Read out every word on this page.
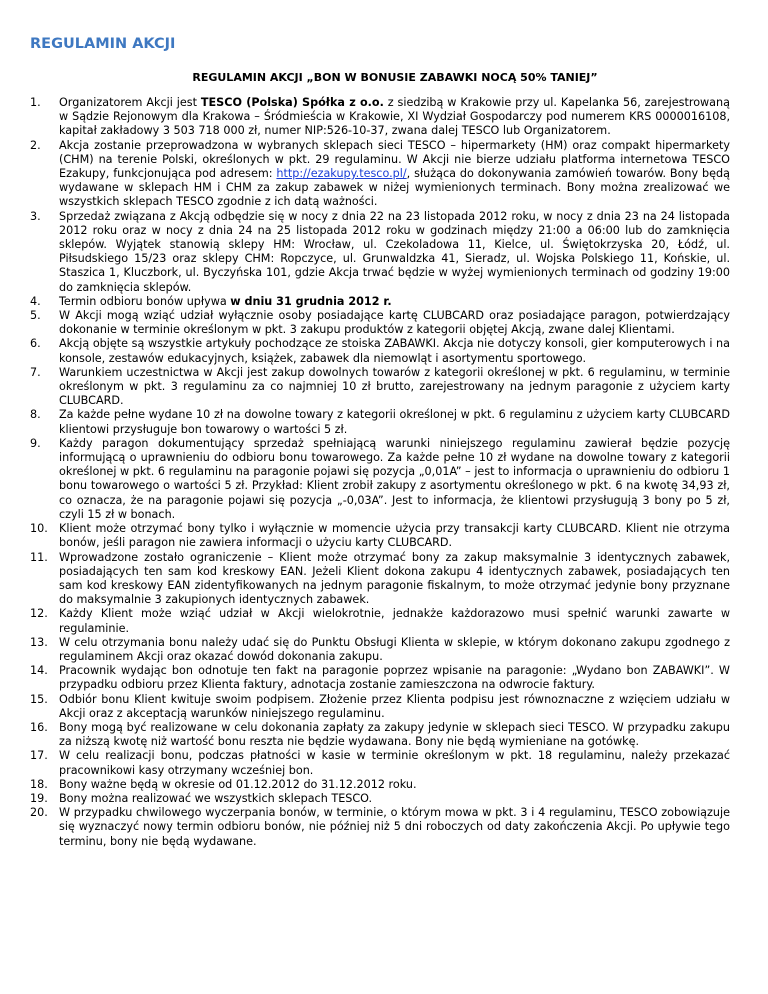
REGULAMIN AKCJI
REGULAMIN AKCJI „BON W BONUSIE ZABAWKI NOCĄ 50% TANIEJ”
1. Organizatorem Akcji jest TESCO (Polska) Spółka z o.o. z siedzibą w Krakowie przy ul. Kapelanka 56, zarejestrowaną w Sądzie Rejonowym dla Krakowa – Śródmieścia w Krakowie, XI Wydział Gospodarczy pod numerem KRS 0000016108, kapitał zakładowy 3 503 718 000 zł, numer NIP:526-10-37, zwana dalej TESCO lub Organizatorem.
2. Akcja zostanie przeprowadzona w wybranych sklepach sieci TESCO – hipermarkety (HM) oraz compakt hipermarkety (CHM) na terenie Polski, określonych w pkt. 29 regulaminu. W Akcji nie bierze udziału platforma internetowa TESCO Ezakupy, funkcjonująca pod adresem: http://ezakupy.tesco.pl/, służąca do dokonywania zamówień towarów. Bony będą wydawane w sklepach HM i CHM za zakup zabawek w niżej wymienionych terminach. Bony można zrealizować we wszystkich sklepach TESCO zgodnie z ich datą ważności.
3. Sprzedaż związana z Akcją odbędzie się w nocy z dnia 22 na 23 listopada 2012 roku, w nocy z dnia 23 na 24 listopada 2012 roku oraz w nocy z dnia 24 na 25 listopada 2012 roku w godzinach między 21:00 a 06:00 lub do zamknięcia sklepów. Wyjątek stanowią sklepy HM: Wrocław, ul. Czekoladowa 11, Kielce, ul. Świętokrzyska 20, Łódź, ul. Piłsudskiego 15/23 oraz sklepy CHM: Ropczyce, ul. Grunwaldzka 41, Sieradz, ul. Wojska Polskiego 11, Końskie, ul. Staszica 1, Kluczbork, ul. Byczyńska 101, gdzie Akcja trwać będzie w wyżej wymienionych terminach od godziny 19:00 do zamknięcia sklepów.
4. Termin odbioru bonów upływa w dniu 31 grudnia 2012 r.
5. W Akcji mogą wziąć udział wyłącznie osoby posiadające kartę CLUBCARD oraz posiadające paragon, potwierdzający dokonanie w terminie określonym w pkt. 3 zakupu produktów z kategorii objętej Akcją, zwane dalej Klientami.
6. Akcją objęte są wszystkie artykuły pochodzące ze stoiska ZABAWKI. Akcja nie dotyczy konsoli, gier komputerowych i na konsole, zestawów edukacyjnych, książek, zabawek dla niemowląt i asortymentu sportowego.
7. Warunkiem uczestnictwa w Akcji jest zakup dowolnych towarów z kategorii określonej w pkt. 6 regulaminu, w terminie określonym w pkt. 3 regulaminu za co najmniej 10 zł brutto, zarejestrowany na jednym paragonie z użyciem karty CLUBCARD.
8. Za każde pełne wydane 10 zł na dowolne towary z kategorii określonej w pkt. 6 regulaminu z użyciem karty CLUBCARD klientowi przysługuje bon towarowy o wartości 5 zł.
9. Każdy paragon dokumentujący sprzedaż spełniającą warunki niniejszego regulaminu zawierał będzie pozycję informującą o uprawnieniu do odbioru bonu towarowego. Za każde pełne 10 zł wydane na dowolne towary z kategorii określonej w pkt. 6 regulaminu na paragonie pojawi się pozycja „0,01A” – jest to informacja o uprawnieniu do odbioru 1 bonu towarowego o wartości 5 zł. Przykład: Klient zrobił zakupy z asortymentu określonego w pkt. 6 na kwotę 34,93 zł, co oznacza, że na paragonie pojawi się pozycja „-0,03A”. Jest to informacja, że klientowi przysługują 3 bony po 5 zł, czyli 15 zł w bonach.
10. Klient może otrzymać bony tylko i wyłącznie w momencie użycia przy transakcji karty CLUBCARD. Klient nie otrzyma bonów, jeśli paragon nie zawiera informacji o użyciu karty CLUBCARD.
11. Wprowadzone zostało ograniczenie – Klient może otrzymać bony za zakup maksymalnie 3 identycznych zabawek, posiadających ten sam kod kreskowy EAN. Jeżeli Klient dokona zakupu 4 identycznych zabawek, posiadających ten sam kod kreskowy EAN zidentyfikowanych na jednym paragonie fiskalnym, to może otrzymać jedynie bony przyznane do maksymalnie 3 zakupionych identycznych zabawek.
12. Każdy Klient może wziąć udział w Akcji wielokrotnie, jednakże każdorazowo musi spełnić warunki zawarte w regulaminie.
13. W celu otrzymania bonu należy udać się do Punktu Obsługi Klienta w sklepie, w którym dokonano zakupu zgodnego z regulaminem Akcji oraz okazać dowód dokonania zakupu.
14. Pracownik wydając bon odnotuje ten fakt na paragonie poprzez wpisanie na paragonie: „Wydano bon ZABAWKI”. W przypadku odbioru przez Klienta faktury, adnotacja zostanie zamieszczona na odwrocie faktury.
15. Odbiór bonu Klient kwituje swoim podpisem. Złożenie przez Klienta podpisu jest równoznaczne z wzięciem udziału w Akcji oraz z akceptacją warunków niniejszego regulaminu.
16. Bony mogą być realizowane w celu dokonania zapłaty za zakupy jedynie w sklepach sieci TESCO. W przypadku zakupu za niższą kwotę niż wartość bonu reszta nie będzie wydawana. Bony nie będą wymieniane na gotówkę.
17. W celu realizacji bonu, podczas płatności w kasie w terminie określonym w pkt. 18 regulaminu, należy przekazać pracownikowi kasy otrzymany wcześniej bon.
18. Bony ważne będą w okresie od 01.12.2012 do 31.12.2012 roku.
19. Bony można realizować we wszystkich sklepach TESCO.
20. W przypadku chwilowego wyczerpania bonów, w terminie, o którym mowa w pkt. 3 i 4 regulaminu, TESCO zobowiązuje się wyznaczyć nowy termin odbioru bonów, nie później niż 5 dni roboczych od daty zakończenia Akcji. Po upływie tego terminu, bony nie będą wydawane.
